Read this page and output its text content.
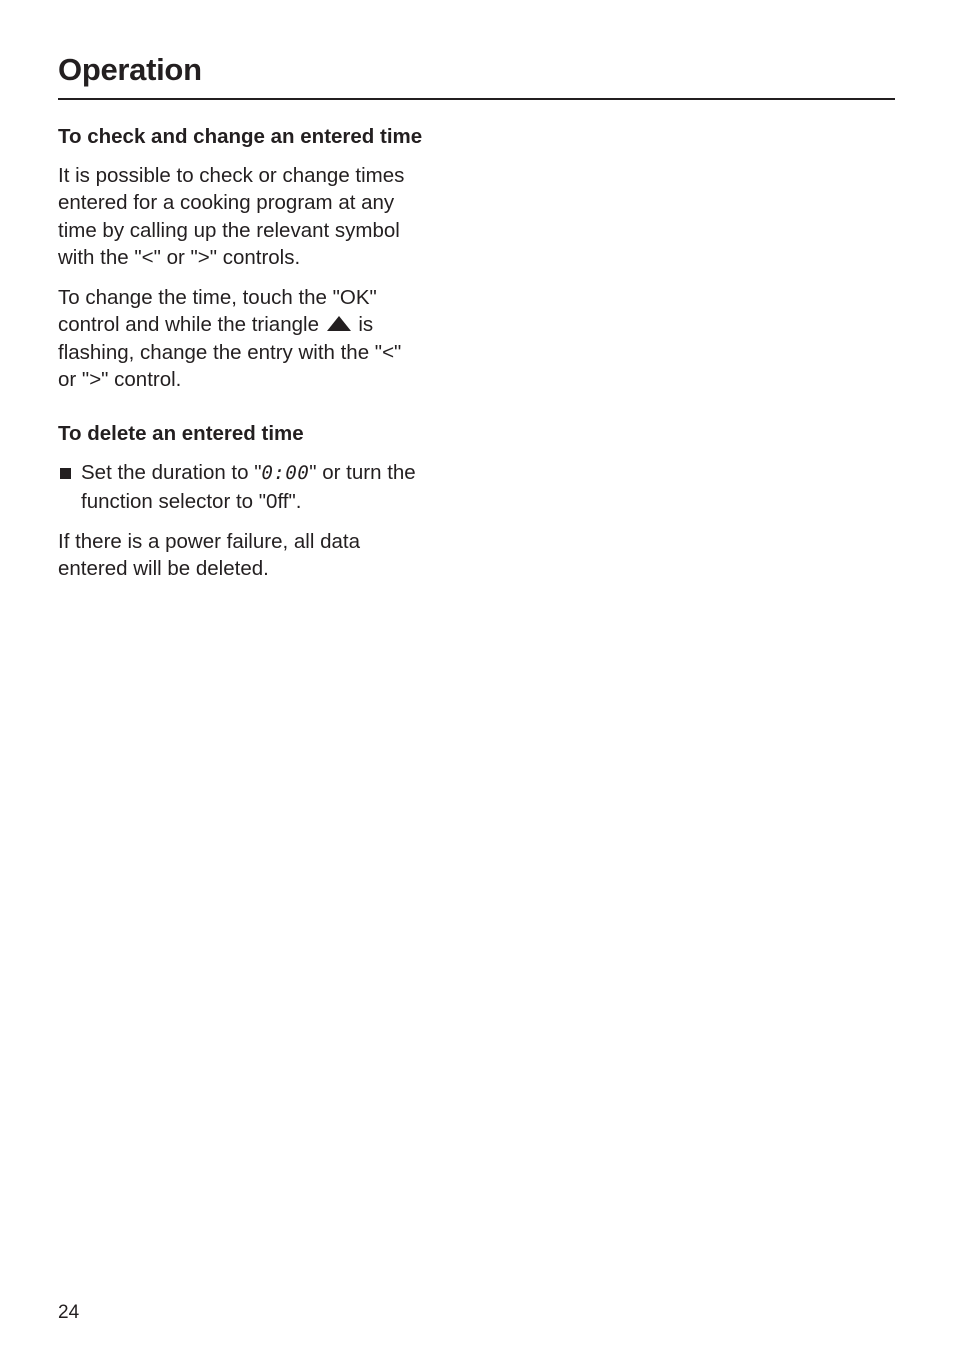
Operation
To check and change an entered time

It is possible to check or change times
entered for a cooking program at any
time by calling up the relevant symbol
with the "<" or ">" controls.

To change the time, touch the "OK"
control and while the triangle is
flashing, change the entry with the "<"
or ">" control.

To delete an entered time
Set the duration to "0:00" or turn the
function selector to "0ff".

If there is a power failure, all data
entered will be deleted.

24
